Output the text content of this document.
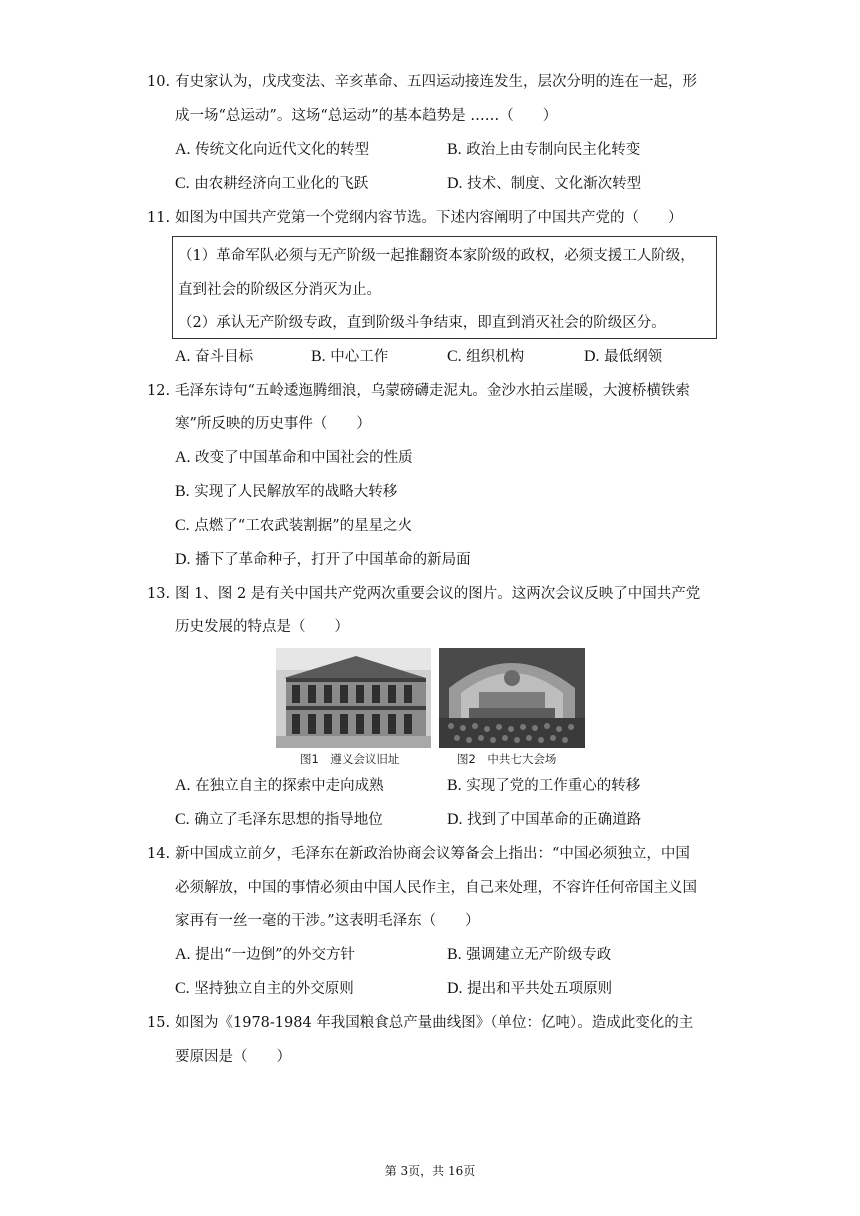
10. 有史家认为，戊戌变法、辛亥革命、五四运动接连发生，层次分明的连在一起，形
成一场“总运动”。这场“总运动”的基本趋势是 ……（　　）
A. 传统文化向近代文化的转型	B. 政治上由专制向民主化转变
C. 由农耕经济向工业化的飞跃	D. 技术、制度、文化渐次转型
11. 如图为中国共产党第一个党纲内容节选。下述内容阐明了中国共产党的（　　）
（1）革命军队必须与无产阶级一起推翻资本家阶级的政权，必须支援工人阶级，
直到社会的阶级区分消灭为止。
（2）承认无产阶级专政，直到阶级斗争结束，即直到消灭社会的阶级区分。
A. 奋斗目标	B. 中心工作	C. 组织机构	D. 最低纲领
12. 毛泽东诗句“五岭逶迤腾细浪，乌蒙磅礴走泥丸。金沙水拍云崖暖，大渡桥横铁索
寒”所反映的历史事件（　　）
A. 改变了中国革命和中国社会的性质
B. 实现了人民解放军的战略大转移
C. 点燃了“工农武装割据”的星星之火
D. 播下了革命种子，打开了中国革命的新局面
13. 图 1、图 2 是有关中国共产党两次重要会议的图片。这两次会议反映了中国共产党
历史发展的特点是（　　）
图1　遵义会议旧址	图2　中共七大会场
A. 在独立自主的探索中走向成熟	B. 实现了党的工作重心的转移
C. 确立了毛泽东思想的指导地位	D. 找到了中国革命的正确道路
14. 新中国成立前夕，毛泽东在新政治协商会议筹备会上指出：“中国必须独立，中国
必须解放，中国的事情必须由中国人民作主，自己来处理，不容许任何帝国主义国
家再有一丝一毫的干涉。”这表明毛泽东（　　）
A. 提出“一边倒”的外交方针	B. 强调建立无产阶级专政
C. 坚持独立自主的外交原则	D. 提出和平共处五项原则
15. 如图为《1978-1984 年我国粮食总产量曲线图》（单位：亿吨）。造成此变化的主
要原因是（　　）
第 3页，共 16页
